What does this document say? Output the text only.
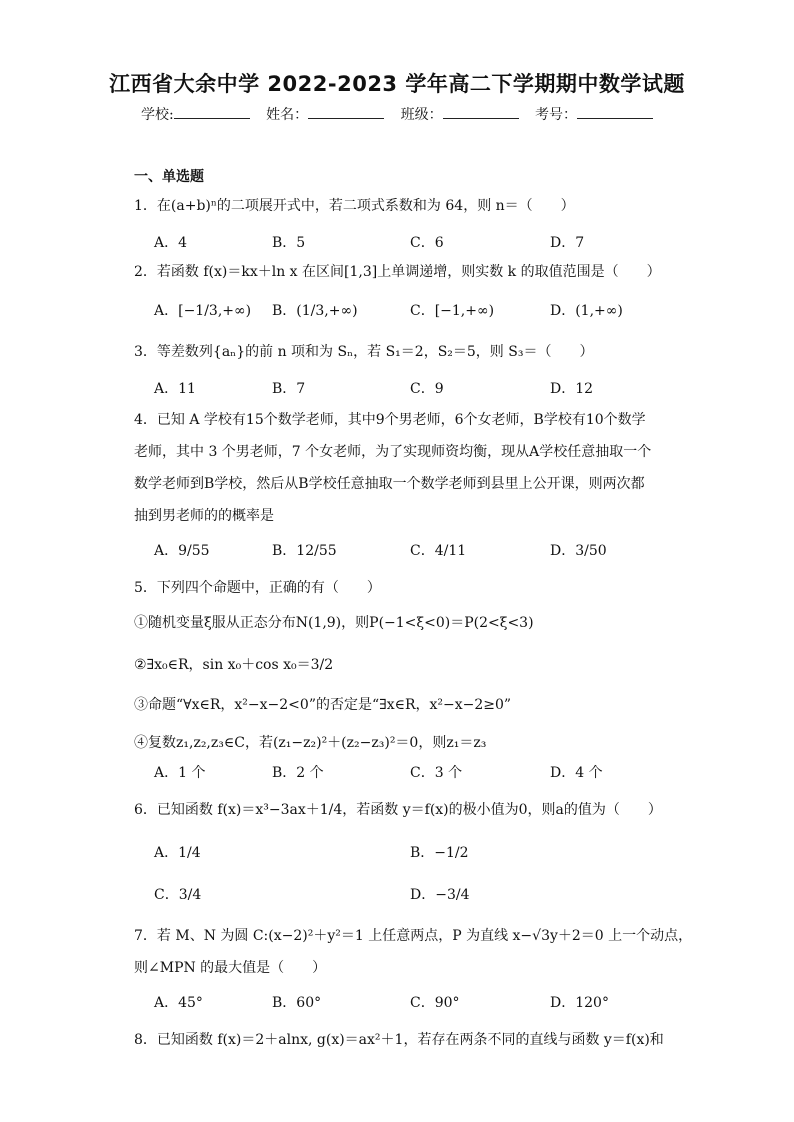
江西省大余中学 2022-2023 学年高二下学期期中数学试题
学校:	姓名：	班级：	考号：
一、单选题
1．在(a+b)ⁿ的二项展开式中，若二项式系数和为 64，则 n＝（　　）
A．4	B．5	C．6	D．7
2．若函数 f(x)＝kx＋ln x 在区间[1,3]上单调递增，则实数 k 的取值范围是（　　）
A．[−1/3,+∞) B．(1/3,+∞)	C．[−1,+∞)	D．(1,+∞)
3．等差数列{aₙ}的前 n 项和为 Sₙ，若 S₁＝2，S₂＝5，则 S₃＝（　　）
A．11	B．7	C．9	D．12
4．已知 A 学校有15个数学老师，其中9个男老师，6个女老师，B学校有10个数学老师，其中 3 个男老师，7 个女老师，为了实现师资均衡，现从A学校任意抽取一个数学老师到B学校，然后从B学校任意抽取一个数学老师到县里上公开课，则两次都抽到男老师的的概率是
A．9/55	B．12/55	C．4/11	D．3/50
5．下列四个命题中，正确的有（　　）
①随机变量ξ服从正态分布N(1,9)，则P(−1<ξ<0)＝P(2<ξ<3)
②∃x₀∈R，sin x₀＋cos x₀＝3/2
③命题“∀x∈R，x²−x−2<0”的否定是“∃x∈R，x²−x−2≥0”
④复数z₁,z₂,z₃∈C，若(z₁−z₂)²＋(z₂−z₃)²＝0，则z₁＝z₃
A．1 个	B．2 个	C．3 个	D．4 个
6．已知函数 f(x)＝x³−3ax＋1/4，若函数 y＝f(x)的极小值为0，则a的值为（　　）
A．1/4	B．−1/2
C．3/4	D．−3/4
7．若 M、N 为圆 C:(x−2)²＋y²＝1 上任意两点，P 为直线 x−√3y＋2＝0 上一个动点，
则∠MPN 的最大值是（　　）
A．45°	B．60°	C．90°	D．120°
8．已知函数 f(x)＝2＋alnx, g(x)＝ax²＋1，若存在两条不同的直线与函数 y＝f(x)和
